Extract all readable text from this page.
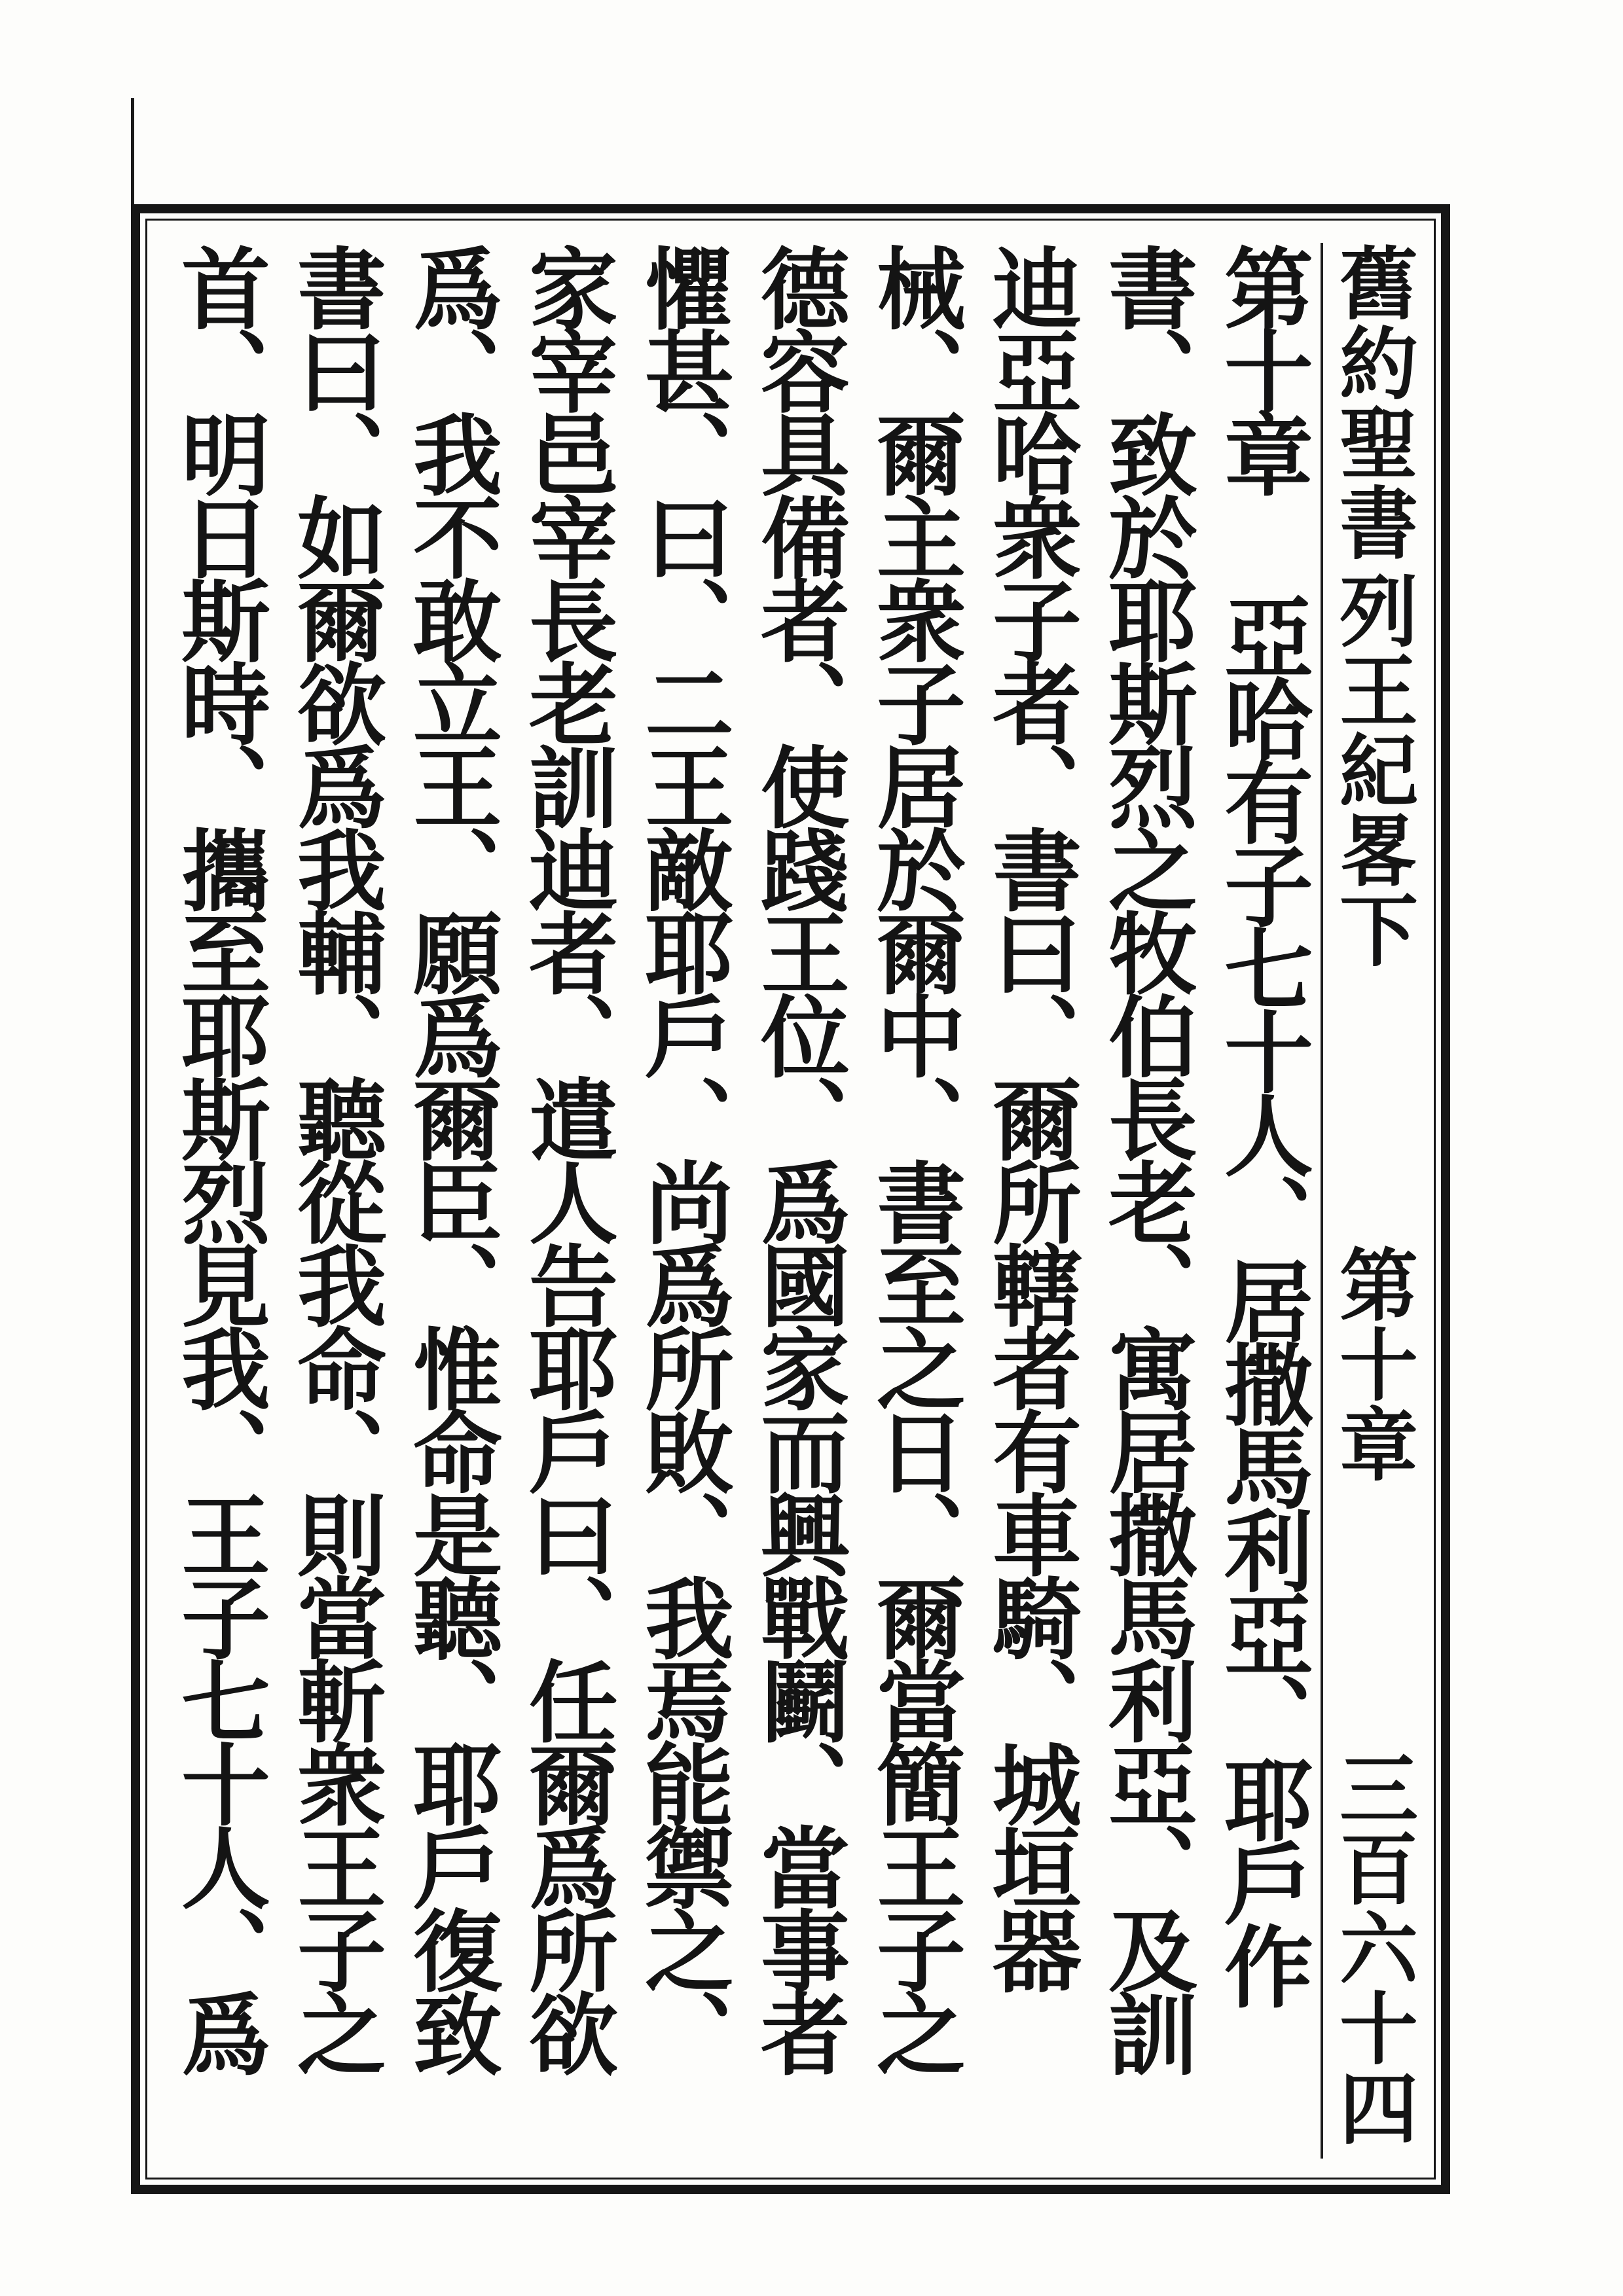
舊約聖書
列王紀畧下
第十章
三百六十四

第十章 亞哈有子七十人、居撒馬利亞、耶戶作書、致於耶斯烈之牧伯長老、寓居撒馬利亞、及訓迪亞哈衆子者、書曰、爾所轄者有車騎、城垣器械、爾主衆子居於爾中、書至之日、爾當簡王子之德容具備者、使踐王位、爲國家而興戰鬬、當事者懼甚、曰、二王敵耶戶、尚爲所敗、我焉能禦之、家宰邑宰長老訓迪者、遣人告耶戶曰、任爾爲所欲爲、我不敢立王、願爲爾臣、惟命是聽、耶戶復致書曰、如爾欲爲我輔、聽從我命、則當斬衆王子之首、明日斯時、攜至耶斯烈見我、王子七十人、爲
